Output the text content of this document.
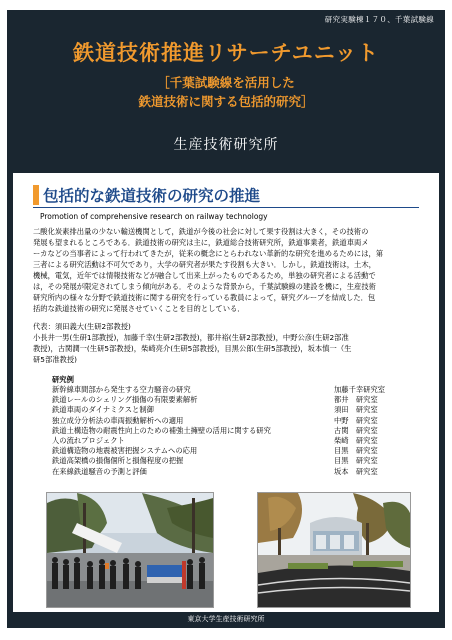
研究実験棟１７０、千葉試験線
鉄道技術推進リサーチユニット
［千葉試験線を活用した
鉄道技術に関する包括的研究］
生産技術研究所
包括的な鉄道技術の研究の推進
Promotion of comprehensive research on railway technology
二酸化炭素排出量の少ない輸送機関として，鉄道が今後の社会に対して果す役割は大きく，その技術の
発展も望まれるところである．鉄道技術の研究は主に，鉄道総合技術研究所，鉄道事業者，鉄道車両メ
ーカなどの当事者によって行われてきたが，従来の概念にとらわれない革新的な研究を進めるためには，第
三者による研究活動は不可欠であり，大学の研究者が果たす役割も大きい．しかし，鉄道技術は，土木，
機械，電気，近年では情報技術などが融合して出来上がったものであるため，単独の研究者による活動で
は，その発展が限定されてしまう傾向がある．そのような背景から，千葉試験線の建設を機に，生産技術
研究所内の様々な分野で鉄道技術に関する研究を行っている教員によって，研究グループを結成した．包
括的な鉄道技術の研究に発展させていくことを目的としている．
代表：須田義大(生研2部教授)
小長井一男(生研1部教授)，加藤千幸(生研2部教授)，都井裕(生研2部教授)，中野公彦(生研2部准
教授)，古関潤一(生研5部教授)，柴崎亮介(生研5部教授)，目黒公郎(生研5部教授)，坂本慎一（生
研5部准教授)
研究例
新幹線車間部から発生する空力騒音の研究	加藤千幸研究室
鉄道レールのシェリング損傷の有限要素解析	都井　研究室
鉄道車両のダイナミクスと制御	須田　研究室
独立成分分析法の車両振動解析への適用	中野　研究室
鉄道土構造物の耐震性向上のための補強土擁壁の活用に関する研究	古関　研究室
人の流れプロジェクト	柴崎　研究室
鉄道構造物の地震被害把握システムへの応用	目黒　研究室
鉄道高架橋の損傷個所と損傷程度の把握	目黒　研究室
在来線鉄道騒音の予測と評価	坂本　研究室
東京大学生産技術研究所
